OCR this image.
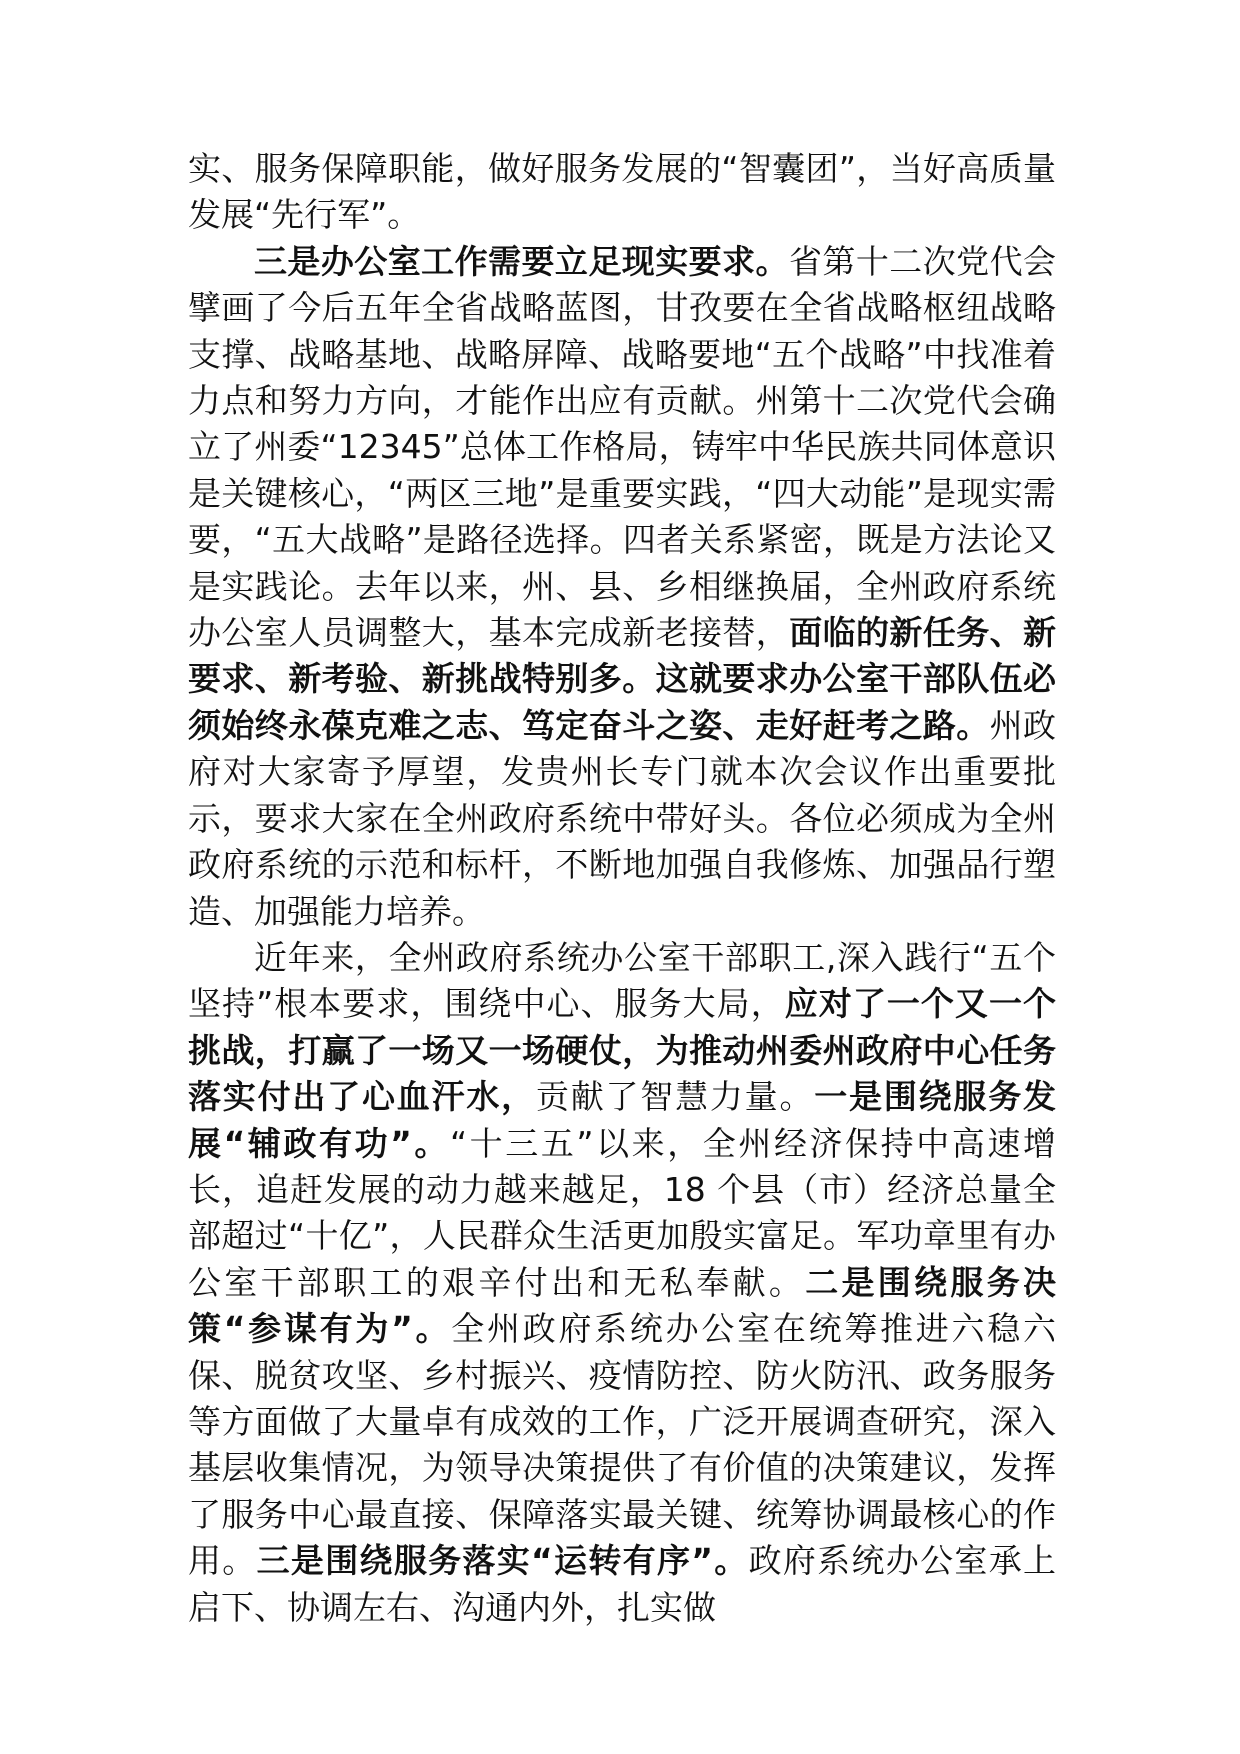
实、服务保障职能，做好服务发展的“智囊团”，当好高质量发展“先行军”。

三是办公室工作需要立足现实要求。省第十二次党代会擘画了今后五年全省战略蓝图，甘孜要在全省战略枢纽战略支撑、战略基地、战略屏障、战略要地“五个战略”中找准着力点和努力方向，才能作出应有贡献。州第十二次党代会确立了州委“12345”总体工作格局，铸牢中华民族共同体意识是关键核心，“两区三地”是重要实践，“四大动能”是现实需要，“五大战略”是路径选择。四者关系紧密，既是方法论又是实践论。去年以来，州、县、乡相继换届，全州政府系统办公室人员调整大，基本完成新老接替，面临的新任务、新要求、新考验、新挑战特别多。这就要求办公室干部队伍必须始终永葆克难之志、笃定奋斗之姿、走好赶考之路。州政府对大家寄予厚望，发贵州长专门就本次会议作出重要批示，要求大家在全州政府系统中带好头。各位必须成为全州政府系统的示范和标杆，不断地加强自我修炼、加强品行塑造、加强能力培养。

近年来，全州政府系统办公室干部职工,深入践行“五个坚持”根本要求，围绕中心、服务大局，应对了一个又一个挑战，打赢了一场又一场硬仗，为推动州委州政府中心任务落实付出了心血汗水，贡献了智慧力量。一是围绕服务发展“辅政有功”。“十三五”以来，全州经济保持中高速增长，追赶发展的动力越来越足，18 个县（市）经济总量全部超过“十亿”，人民群众生活更加殷实富足。军功章里有办公室干部职工的艰辛付出和无私奉献。二是围绕服务决策“参谋有为”。全州政府系统办公室在统筹推进六稳六保、脱贫攻坚、乡村振兴、疫情防控、防火防汛、政务服务等方面做了大量卓有成效的工作，广泛开展调查研究，深入基层收集情况，为领导决策提供了有价值的决策建议，发挥了服务中心最直接、保障落实最关键、统筹协调最核心的作用。三是围绕服务落实“运转有序”。政府系统办公室承上启下、协调左右、沟通内外，扎实做
